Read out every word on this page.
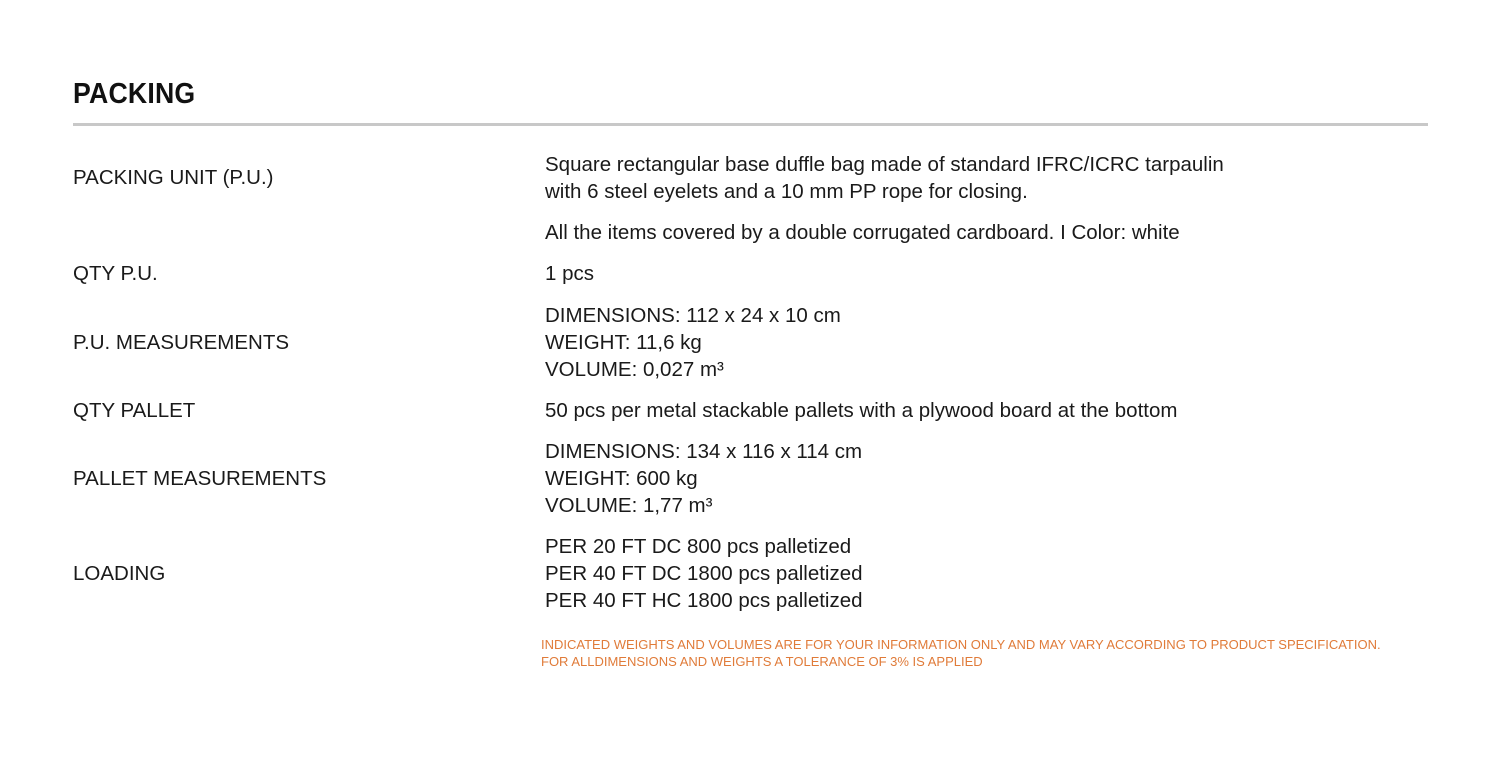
PACKING
PACKING UNIT (P.U.)
Square rectangular base duffle bag made of standard IFRC/ICRC tarpaulin
with 6 steel eyelets and a 10 mm PP rope for closing.
All the items covered by a double corrugated cardboard. I Color: white
QTY P.U.	1 pcs
P.U. MEASUREMENTS
DIMENSIONS: 112 x 24 x 10 cm
WEIGHT: 11,6 kg
VOLUME: 0,027 m³
QTY PALLET	50 pcs per metal stackable pallets with a plywood board at the bottom
PALLET MEASUREMENTS
DIMENSIONS: 134 x 116 x 114 cm
WEIGHT: 600 kg
VOLUME: 1,77 m³
LOADING
PER 20 FT DC 800 pcs palletized
PER 40 FT DC 1800 pcs palletized
PER 40 FT HC 1800 pcs palletized
INDICATED WEIGHTS AND VOLUMES ARE FOR YOUR INFORMATION ONLY AND MAY VARY ACCORDING TO PRODUCT SPECIFICATION.
FOR ALLDIMENSIONS AND WEIGHTS A TOLERANCE OF 3% IS APPLIED
